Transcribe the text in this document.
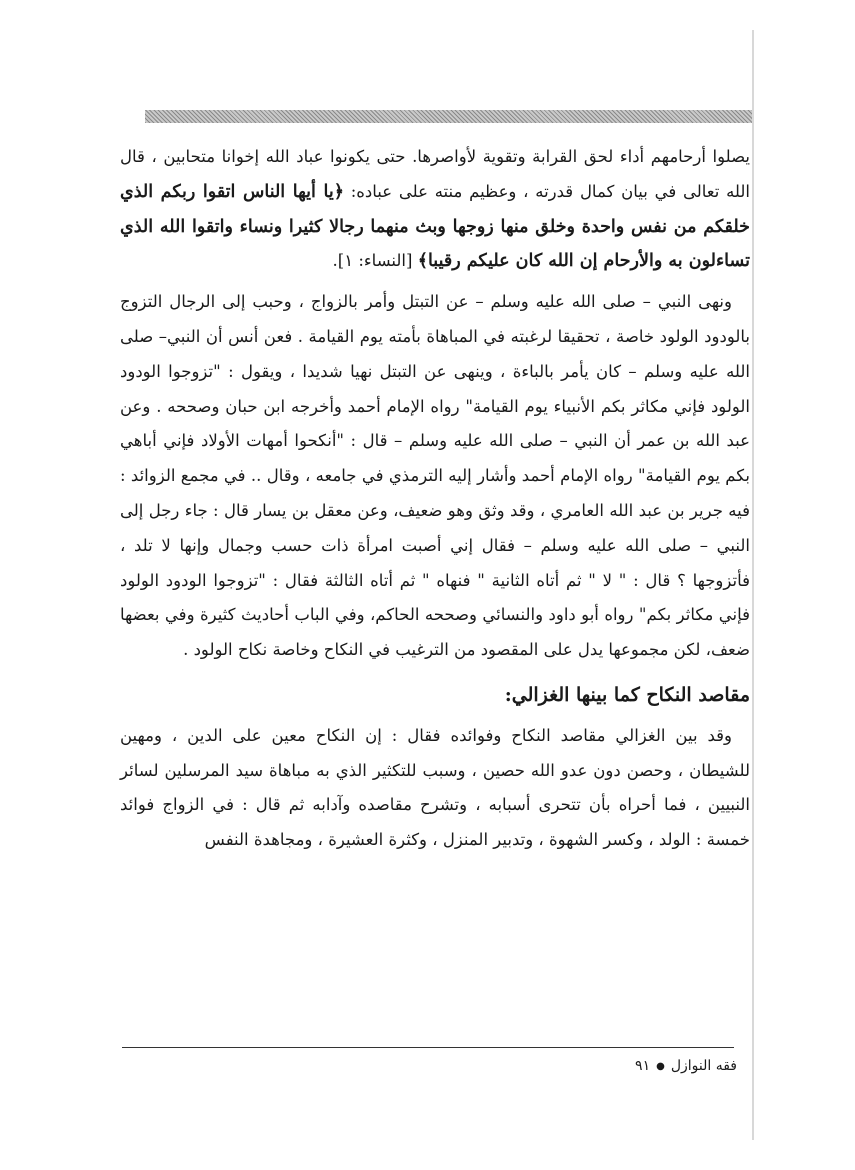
يصلوا أرحامهم أداء لحق القرابة وتقوية لأواصرها. حتى يكونوا عباد الله إخوانا متحابين ، قال الله تعالى في بيان كمال قدرته ، وعظيم منته على عباده: ﴿يا أيها الناس اتقوا ربكم الذي خلقكم من نفس واحدة وخلق منها زوجها وبث منهما رجالا كثيرا ونساء واتقوا الله الذي تساءلون به والأرحام إن الله كان عليكم رقيبا﴾ [النساء: ١].

ونهى النبي – صلى الله عليه وسلم – عن التبتل وأمر بالزواج ، وحبب إلى الرجال التزوج بالودود الولود خاصة ، تحقيقا لرغبته في المباهاة بأمته يوم القيامة . فعن أنس أن النبي– صلى الله عليه وسلم – كان يأمر بالباءة ، وينهى عن التبتل نهيا شديدا ، ويقول : "تزوجوا الودود الولود فإني مكاثر بكم الأنبياء يوم القيامة" رواه الإمام أحمد وأخرجه ابن حبان وصححه . وعن عبد الله بن عمر أن النبي – صلى الله عليه وسلم – قال : "أنكحوا أمهات الأولاد فإني أباهي بكم يوم القيامة" رواه الإمام أحمد وأشار إليه الترمذي في جامعه ، وقال .. في مجمع الزوائد : فيه جرير بن عبد الله العامري ، وقد وثق وهو ضعيف، وعن معقل بن يسار قال : جاء رجل إلى النبي – صلى الله عليه وسلم – فقال إني أصبت امرأة ذات حسب وجمال وإنها لا تلد ، فأتزوجها ؟ قال : " لا " ثم أتاه الثانية " فنهاه " ثم أتاه الثالثة فقال : "تزوجوا الودود الولود فإني مكاثر بكم" رواه أبو داود والنسائي وصححه الحاكم، وفي الباب أحاديث كثيرة وفي بعضها ضعف، لكن مجموعها يدل على المقصود من الترغيب في النكاح وخاصة نكاح الولود .

مقاصد النكاح كما بينها الغزالي:

وقد بين الغزالي مقاصد النكاح وفوائده فقال : إن النكاح معين على الدين ، ومهين للشيطان ، وحصن دون عدو الله حصين ، وسبب للتكثير الذي به مباهاة سيد المرسلين لسائر النبيين ، فما أحراه بأن تتحرى أسبابه ، وتشرح مقاصده وآدابه ثم قال : في الزواج فوائد خمسة : الولد ، وكسر الشهوة ، وتدبير المنزل ، وكثرة العشيرة ، ومجاهدة النفس

فقه النوازل
●
٩١
